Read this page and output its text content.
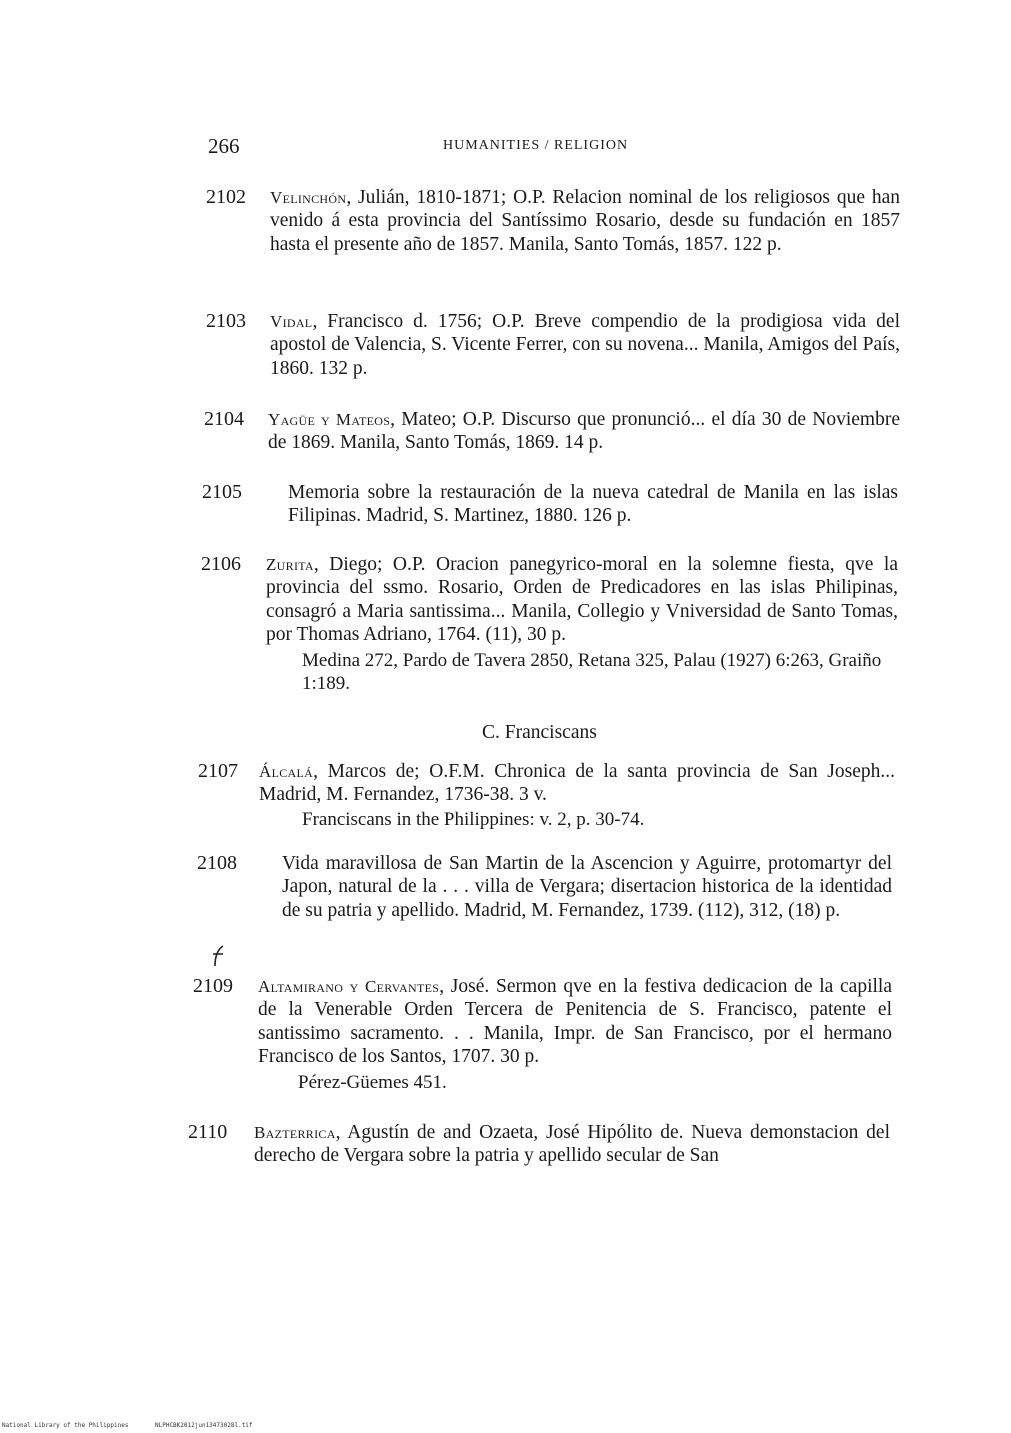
266	HUMANITIES / RELIGION
2102 Velinchón, Julián, 1810-1871; O.P. Relacion nominal de los religiosos que han venido á esta provincia del Santíssimo Rosario, desde su fundación en 1857 hasta el presente año de 1857. Manila, Santo Tomás, 1857. 122 p.
2103 Vidal, Francisco d. 1756; O.P. Breve compendio de la prodigiosa vida del apostol de Valencia, S. Vicente Ferrer, con su novena... Manila, Amigos del País, 1860. 132 p.
2104 Yagüe y Mateos, Mateo; O.P. Discurso que pronunció... el día 30 de Noviembre de 1869. Manila, Santo Tomás, 1869. 14 p.
2105 Memoria sobre la restauración de la nueva catedral de Manila en las islas Filipinas. Madrid, S. Martinez, 1880. 126 p.
2106 Zurita, Diego; O.P. Oracion panegyrico-moral en la solemne fiesta, qve la provincia del ssmo. Rosario, Orden de Predicadores en las islas Philipinas, consagró a Maria santissima... Manila, Collegio y Vniversidad de Santo Tomas, por Thomas Adriano, 1764. (11), 30 p.
Medina 272, Pardo de Tavera 2850, Retana 325, Palau (1927) 6:263, Graiño 1:189.
C. Franciscans
2107 Álcalá, Marcos de; O.F.M. Chronica de la santa provincia de San Joseph... Madrid, M. Fernandez, 1736-38. 3 v.
Franciscans in the Philippines: v. 2, p. 30-74.
2108 Vida maravillosa de San Martin de la Ascencion y Aguirre, protomartyr del Japon, natural de la . . . villa de Vergara; disertacion historica de la identidad de su patria y apellido. Madrid, M. Fernandez, 1739. (112), 312, (18) p.
2109 Altamirano y Cervantes, José. Sermon qve en la festiva dedicacion de la capilla de la Venerable Orden Tercera de Penitencia de S. Francisco, patente el santissimo sacramento. . . Manila, Impr. de San Francisco, por el hermano Francisco de los Santos, 1707. 30 p.
Pérez-Güemes 451.
2110 Bazterrica, Agustín de and Ozaeta, José Hipólito de. Nueva demonstacion del derecho de Vergara sobre la patria y apellido secular de San
National Library of the Philippines	NLPHCBK2012jun13473028l.tif
